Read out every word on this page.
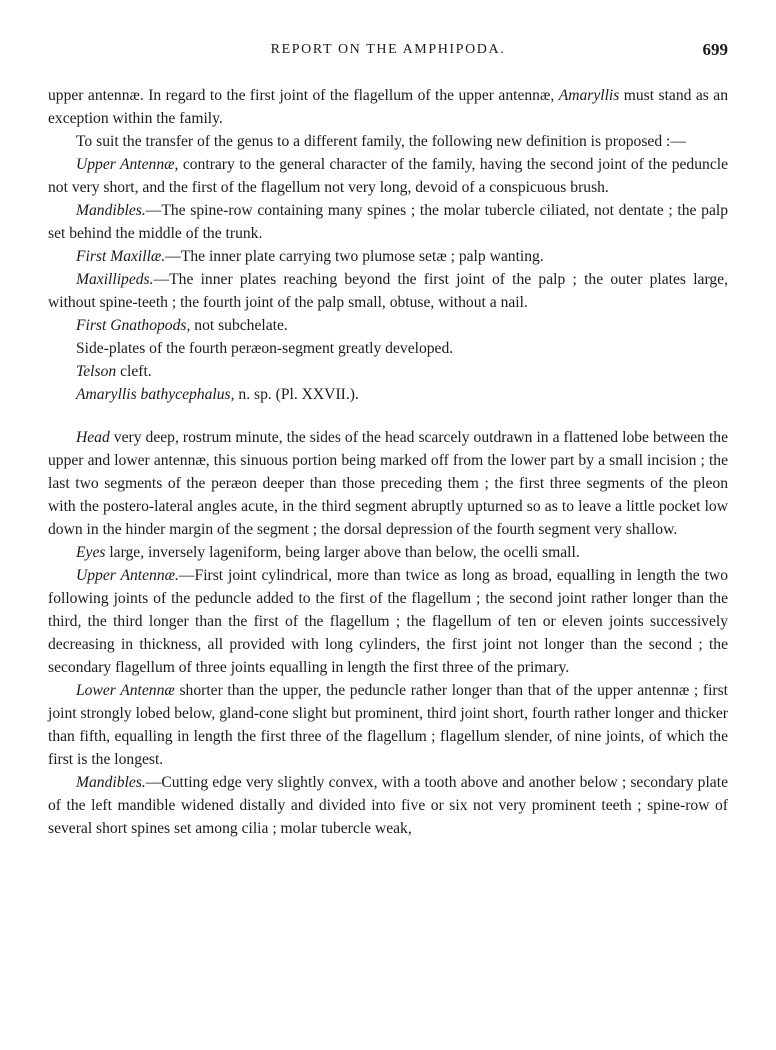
REPORT ON THE AMPHIPODA.	699

upper antennæ. In regard to the first joint of the flagellum of the upper antennæ, Amaryllis must stand as an exception within the family.

To suit the transfer of the genus to a different family, the following new definition is proposed :—

Upper Antennæ, contrary to the general character of the family, having the second joint of the peduncle not very short, and the first of the flagellum not very long, devoid of a conspicuous brush.

Mandibles.—The spine-row containing many spines ; the molar tubercle ciliated, not dentate ; the palp set behind the middle of the trunk.

First Maxillæ.—The inner plate carrying two plumose setæ ; palp wanting.

Maxillipeds.—The inner plates reaching beyond the first joint of the palp ; the outer plates large, without spine-teeth ; the fourth joint of the palp small, obtuse, without a nail.

First Gnathopods, not subchelate.

Side-plates of the fourth peræon-segment greatly developed.

Telson cleft.

Amaryllis bathycephalus, n. sp. (Pl. XXVII.).

Head very deep, rostrum minute, the sides of the head scarcely outdrawn in a flattened lobe between the upper and lower antennæ, this sinuous portion being marked off from the lower part by a small incision ; the last two segments of the peræon deeper than those preceding them ; the first three segments of the pleon with the postero-lateral angles acute, in the third segment abruptly upturned so as to leave a little pocket low down in the hinder margin of the segment ; the dorsal depression of the fourth segment very shallow.

Eyes large, inversely lageniform, being larger above than below, the ocelli small.

Upper Antennæ.—First joint cylindrical, more than twice as long as broad, equalling in length the two following joints of the peduncle added to the first of the flagellum ; the second joint rather longer than the third, the third longer than the first of the flagellum ; the flagellum of ten or eleven joints successively decreasing in thickness, all provided with long cylinders, the first joint not longer than the second ; the secondary flagellum of three joints equalling in length the first three of the primary.

Lower Antennæ shorter than the upper, the peduncle rather longer than that of the upper antennæ ; first joint strongly lobed below, gland-cone slight but prominent, third joint short, fourth rather longer and thicker than fifth, equalling in length the first three of the flagellum ; flagellum slender, of nine joints, of which the first is the longest.

Mandibles.—Cutting edge very slightly convex, with a tooth above and another below ; secondary plate of the left mandible widened distally and divided into five or six not very prominent teeth ; spine-row of several short spines set among cilia ; molar tubercle weak,
